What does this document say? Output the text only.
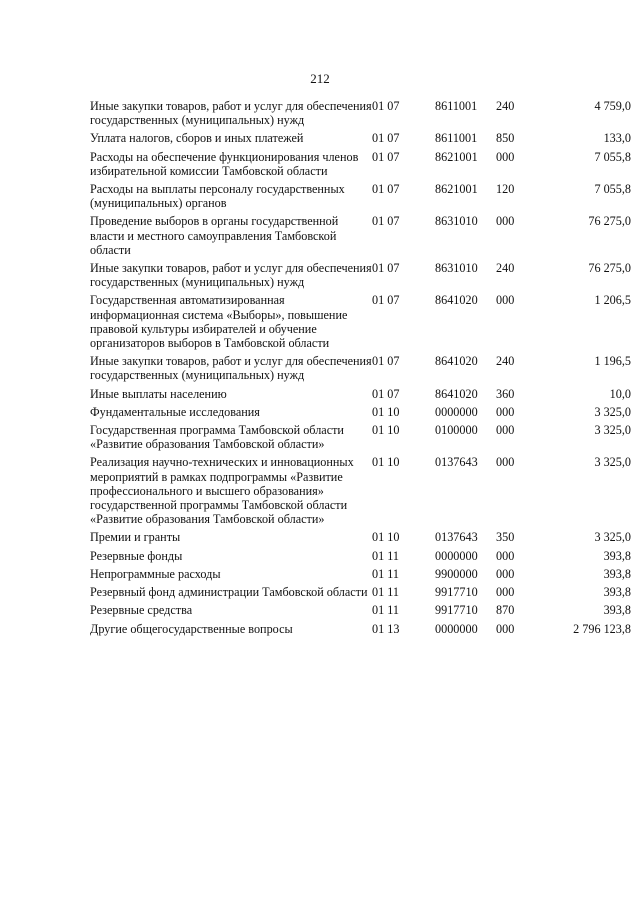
212
Иные закупки товаров, работ и услуг для обеспечения государственных (муниципальных) нужд	01 07	8611001	240	4 759,0
Уплата налогов, сборов и иных платежей	01 07	8611001	850	133,0
Расходы на обеспечение функционирования членов избирательной комиссии Тамбовской области	01 07	8621001	000	7 055,8
Расходы на выплаты персоналу государственных (муниципальных) органов	01 07	8621001	120	7 055,8
Проведение выборов в органы государственной власти и местного самоуправления Тамбовской области	01 07	8631010	000	76 275,0
Иные закупки товаров, работ и услуг для обеспечения государственных (муниципальных) нужд	01 07	8631010	240	76 275,0
Государственная автоматизированная информационная система «Выборы», повышение правовой культуры избирателей и обучение организаторов выборов в Тамбовской области	01 07	8641020	000	1 206,5
Иные закупки товаров, работ и услуг для обеспечения государственных (муниципальных) нужд	01 07	8641020	240	1 196,5
Иные выплаты населению	01 07	8641020	360	10,0
Фундаментальные исследования	01 10	0000000	000	3 325,0
Государственная программа Тамбовской области «Развитие образования Тамбовской области»	01 10	0100000	000	3 325,0
Реализация научно-технических и инновационных мероприятий в рамках подпрограммы «Развитие профессионального и высшего образования» государственной программы Тамбовской области «Развитие образования Тамбовской области»	01 10	0137643	000	3 325,0
Премии и гранты	01 10	0137643	350	3 325,0
Резервные фонды	01 11	0000000	000	393,8
Непрограммные расходы	01 11	9900000	000	393,8
Резервный фонд администрации Тамбовской области	01 11	9917710	000	393,8
Резервные средства	01 11	9917710	870	393,8
Другие общегосударственные вопросы	01 13	0000000	000	2 796 123,8
